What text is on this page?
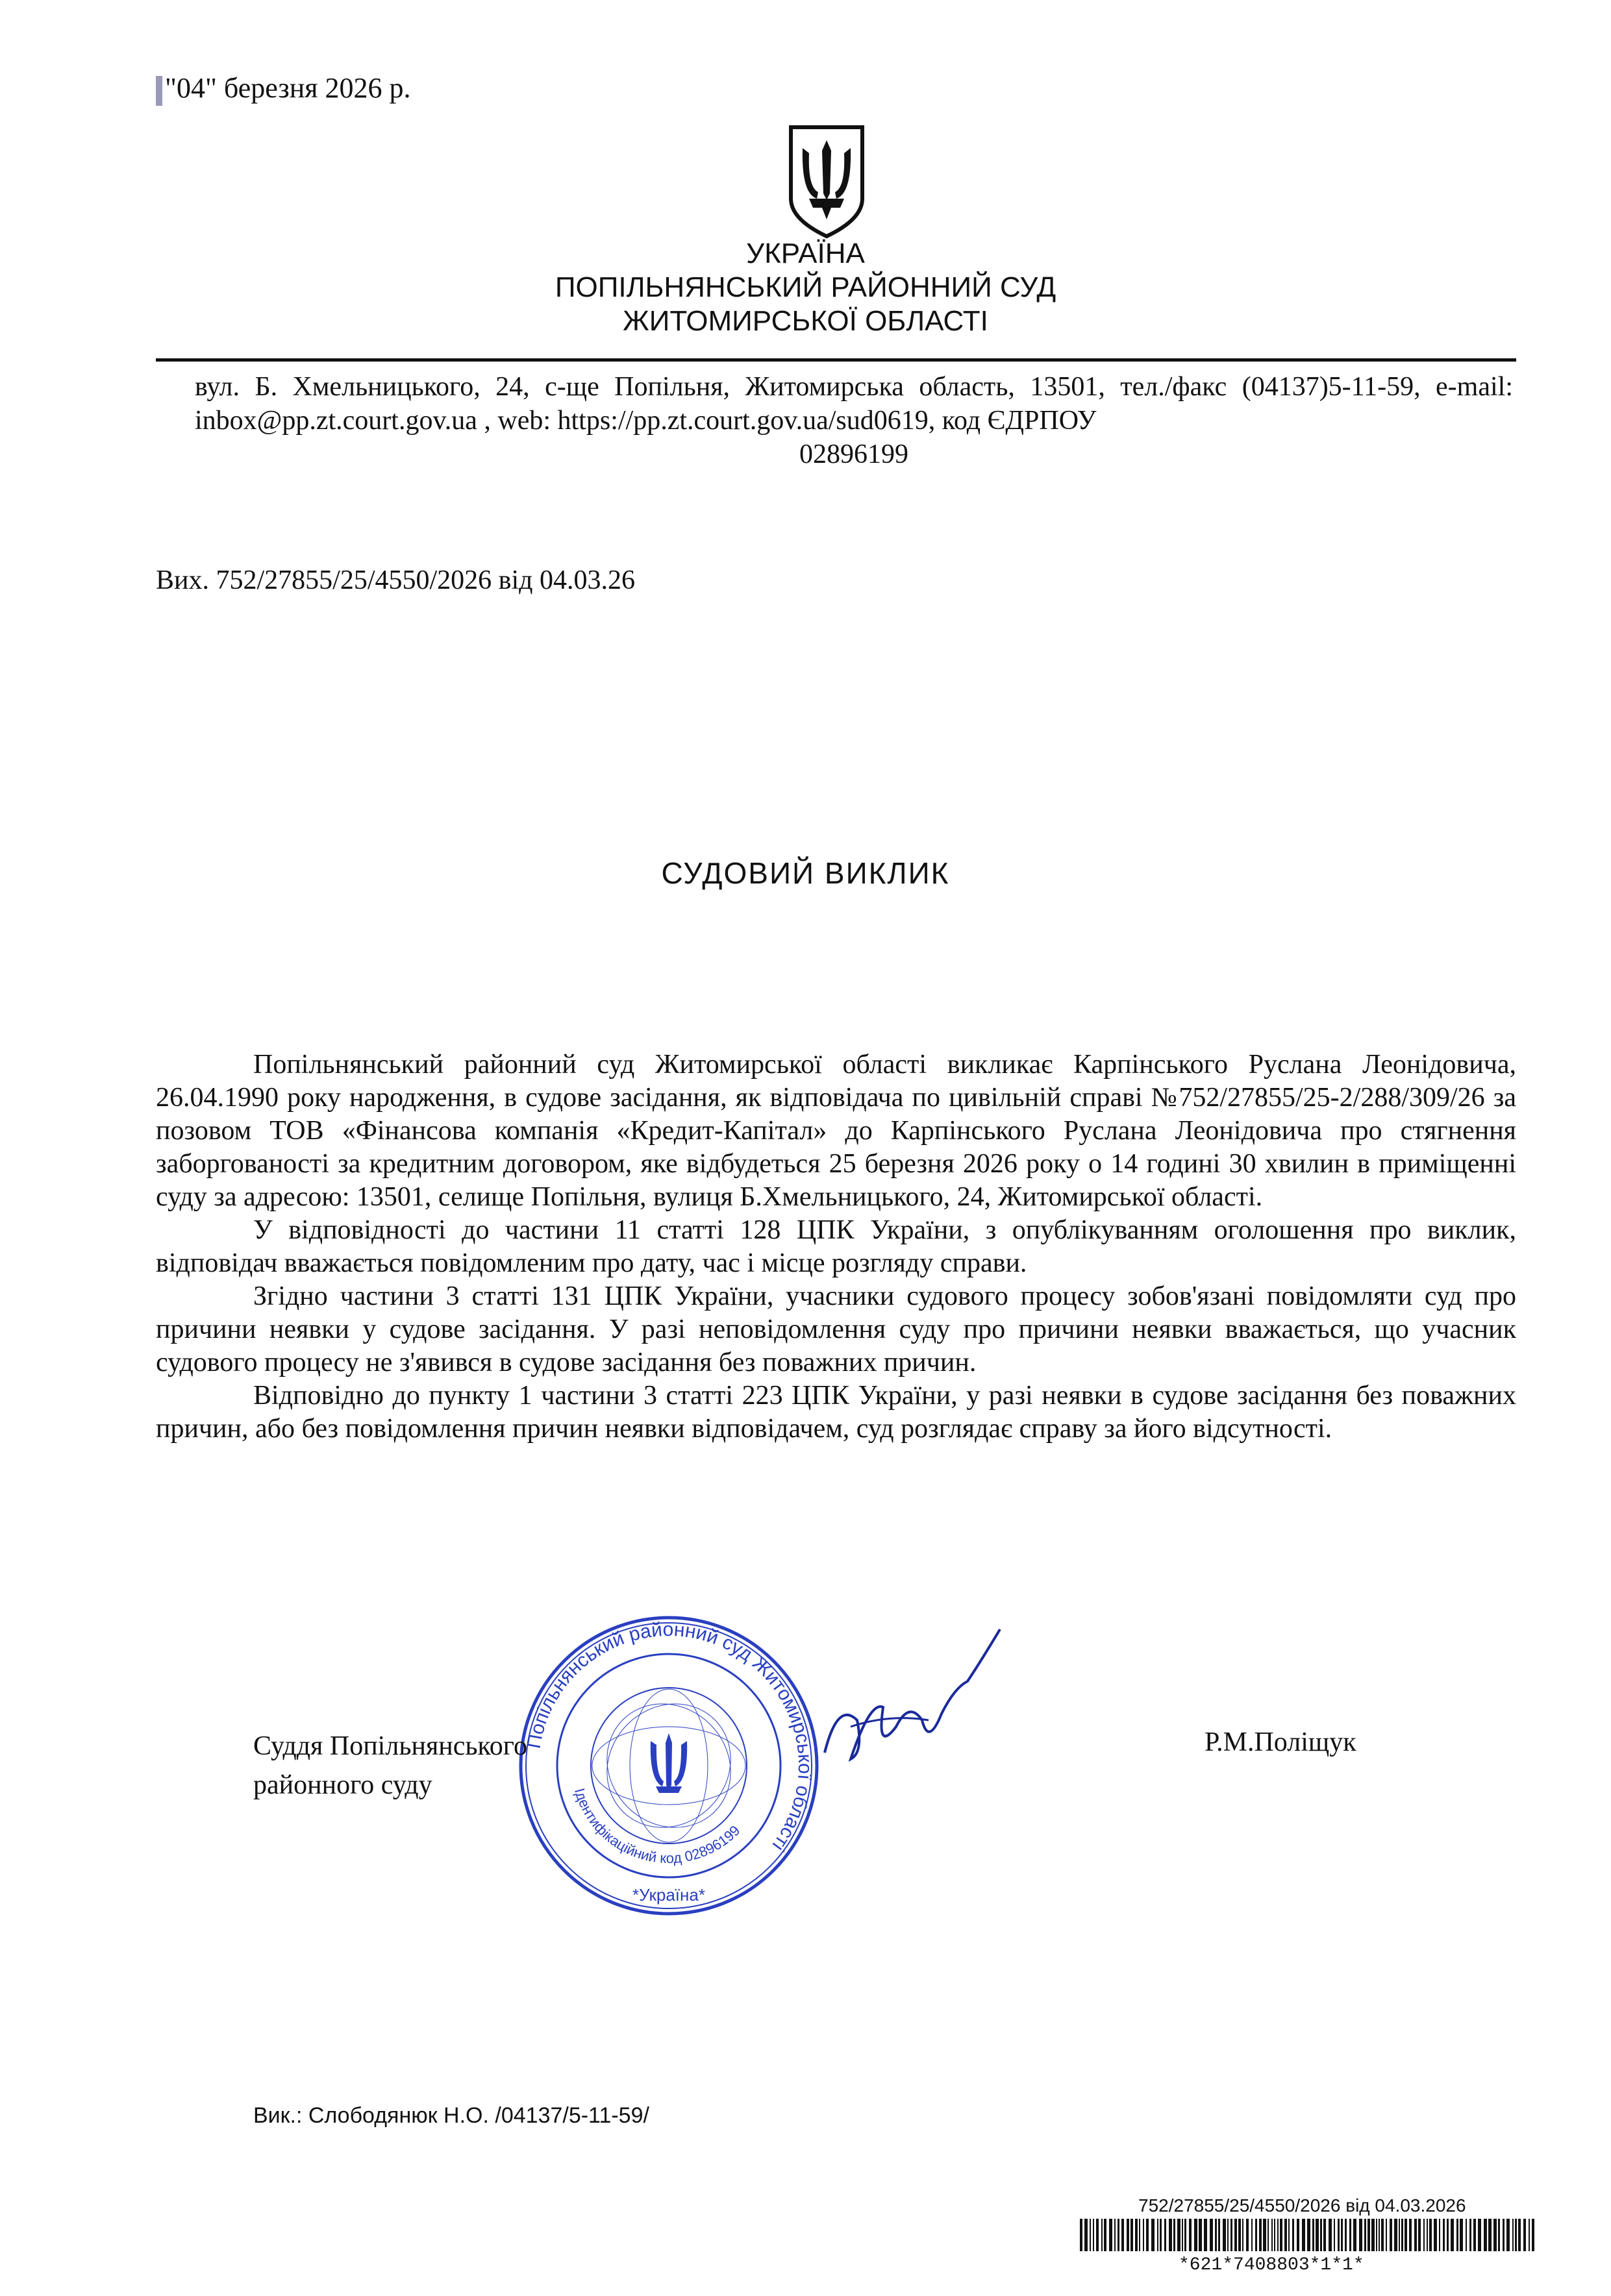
"04" березня 2026 р.
УКРАЇНА
ПОПІЛЬНЯНСЬКИЙ РАЙОННИЙ СУД
ЖИТОМИРСЬКОЇ ОБЛАСТІ
вул. Б. Хмельницького, 24, с-ще Попільня, Житомирська область, 13501, тел./факс (04137)5-11-59, e-mail: inbox@pp.zt.court.gov.ua , web: https://pp.zt.court.gov.ua/sud0619, код ЄДРПОУ
02896199
Вих. 752/27855/25/4550/2026 від 04.03.26
СУДОВИЙ ВИКЛИК

Попільнянський районний суд Житомирської області викликає Карпінського Руслана Леонідовича, 26.04.1990 року народження, в судове засідання, як відповідача по цивільній справі №752/27855/25-2/288/309/26 за позовом ТОВ «Фінансова компанія «Кредит-Капітал» до Карпінського Руслана Леонідовича про стягнення заборгованості за кредитним договором, яке відбудеться 25 березня 2026 року о 14 годині 30 хвилин в приміщенні суду за адресою: 13501, селище Попільня, вулиця Б.Хмельницького, 24, Житомирської області.

У відповідності до частини 11 статті 128 ЦПК України, з опублікуванням оголошення про виклик, відповідач вважається повідомленим про дату, час і місце розгляду справи.

Згідно частини 3 статті 131 ЦПК України, учасники судового процесу зобов'язані повідомляти суд про причини неявки у судове засідання. У разі неповідомлення суду про причини неявки вважається, що учасник судового процесу не з'явився в судове засідання без поважних причин.

Відповідно до пункту 1 частини 3 статті 223 ЦПК України, у разі неявки в судове засідання без поважних причин, або без повідомлення причин неявки відповідачем, суд розглядає справу за його відсутності.

Попільнянський районний суд Житомирської області
Ідентифікаційний код 02896199
*Україна*
Суддя Попільнянського
районного суду
Р.М.Поліщук
Вик.: Слободянюк Н.О. /04137/5-11-59/
752/27855/25/4550/2026 від 04.03.2026
*621*7408803*1*1*
